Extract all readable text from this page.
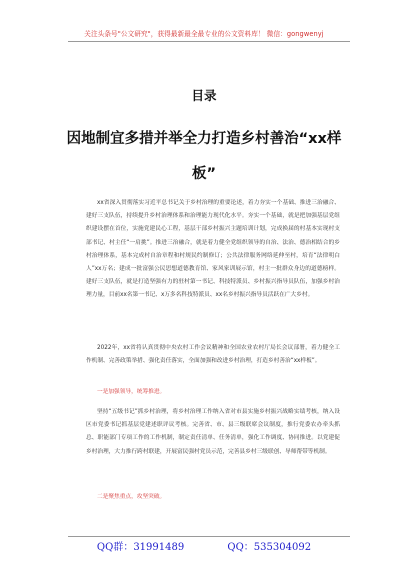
关注头条号"公文研究"，获得最新最全最专业的公文资料库！ 微信：gongwenyj
目录
因地制宜多措并举全力打造乡村善治“xx样板”

xx省深入贯彻落实习近平总书记关于乡村治理的重要论述，着力夯实一个基础、推进三治融合、建好三支队伍，持续提升乡村治理体系和治理能力现代化水平。夯实一个基础，就是把加强基层党组织建设摆在首位，实施党建民心工程，基层干部乡村振兴主题培训计划，完成换届的村基本实现村支部书记、村主任“一肩挑”。推进三治融合，就是着力健全党组织领导的自治、法治、德治相结合的乡村治理体系，基本完成村自治章程和村规民约制修订；公共法律服务网络延伸至村，培育“法律明白人”xx万名；建成一批富强公民思想道德教育馆、家风家训展示馆，村主一批群众身边的道德榜样。建好三支队伍，就是打造坚强有力的驻村第一书记、科技特派员、乡村振兴指导员队伍，加强乡村治理力量，目前xx名第一书记、x万多名科技特派员、xx名乡村振兴指导员活跃在广大乡村。

2022年，xx省将认真贯彻中央农村工作会议精神和全国农业农村厅局长会议部署，着力健全工作机制、完善政策举措、强化责任落实，全面加强和改进乡村治理，打造乡村善治“xx样板”。

一是加强领导，统筹推进。

坚持“五级书记”抓乡村治理，将乡村治理工作纳入省对市县实施乡村振兴战略实绩考核，纳入设区市党委书记抓基层党建述职评议考核。完善省、市、县三级联席会议制度，推行党委农办牵头抓总、职能部门专项工作的工作机制，制定责任清单、任务清单，强化工作调度、协同推进。以党建促乡村治理，大力推行跨村联建，开展富民强村党员示范，完善县乡村三级联创、导师帮带等机制。

二是聚焦重点，攻坚突破。

QQ群：31991489	QQ：535304092
